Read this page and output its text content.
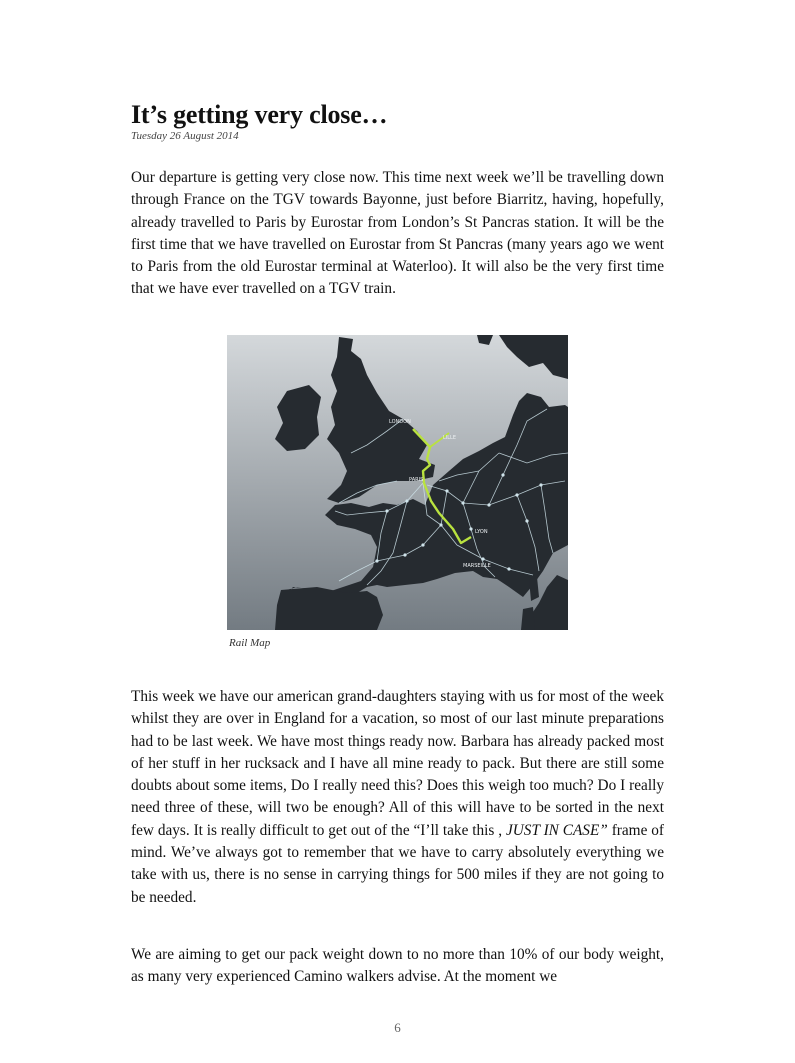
It’s getting very close…
Tuesday 26 August 2014

Our departure is getting very close now. This time next week we’ll be travelling down through France on the TGV towards Bayonne, just before Biarritz, having, hopefully, already travelled to Paris by Eurostar from London’s St Pancras station. It will be the first time that we have travelled on Eurostar from St Pancras (many years ago we went to Paris from the old Eurostar terminal at Waterloo). It will also be the very first time that we have ever travelled on a TGV train.

LONDON
LILLE
PARIS
LYON
MARSEILLE
Rail Map

This week we have our american grand-daughters staying with us for most of the week whilst they are over in England for a vacation, so most of our last minute preparations had to be last week. We have most things ready now. Barbara has already packed most of her stuff in her rucksack and I have all mine ready to pack. But there are still some doubts about some items, Do I really need this? Does this weigh too much? Do I really need three of these, will two be enough? All of this will have to be sorted in the next few days. It is really difficult to get out of the “I’ll take this , JUST IN CASE” frame of mind. We’ve always got to remember that we have to carry absolutely everything we take with us, there is no sense in carrying things for 500 miles if they are not going to be needed.

We are aiming to get our pack weight down to no more than 10% of our body weight, as many very experienced Camino walkers advise. At the moment we

6
